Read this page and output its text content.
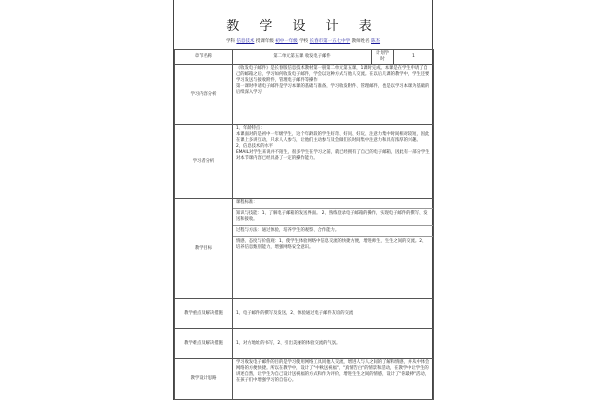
教 学 设 计 表
学科 信息技术 授课年级 初中一年级 学校 长春市第一五七中学 教师姓名 陈杰
章节名称	第二单元第五课 收发电子邮件	计划学时	1
学习内容分析	《收发电子邮件》是长春版信息技术教材第一册第二单元第五课，1课时完成。本课是在学生申请了自己的邮箱之后，学习如何收发电子邮件，学会以这种方式与他人交流。在以后几课的教学中，学生还要学习发送与接收附件，管理电子邮件等操作

第一课时申请电子邮件是学习本课的基础与准备，学习收发附件、管理邮件，也是以学习本课为基础的后续深入学习		

学习者分析	1、年龄特点：

本课面对的是初中一年级学生，这个年龄段的学生好奇、好问、好玩、注意力集中时间相对较短，因此在课上多讲互动，只求人人参与，让他们主动参与及会做们长时间集中注意力和具有浓厚的兴趣。

2、信息技术的水平

EMAIL对学生来说并不陌生，很多学生在学习之前，就已经拥有了自己的电子邮箱，因此有一部分学生对本节课内容已经具备了一定的操作能力。		

教学目标	课程标准：

知识与技能：1、了解电子邮箱的发送界面。 2、熟练登录电子邮箱的操作，实现电子邮件的撰写、发送和接收。

过程与方法：通过体验，培养学生的观察、合作能力。

情感、态度与价值观：1、使学生体验网络中信息交流的快捷方便，增进师生、生生之间的交流。2、培养信息甄别能力，增强网络安全意识。		

教学重点及解决措施	1、电子邮件的撰写及发送，2、体验通过电子邮件友谊的交流		
教学难点及解决措施	1、对方地址的书写，2、引出美丽的体验交流的气氛。		
教学设计思路	学习收发电子邮件的目的是学习使用网络工具同他人交流，增进人与人之间的了解和情感，并从中体会网络的方便快捷。所以在教学中，设计了"中秋送祝福"、"真情告白"的情景和活动，在教学中让学生的讲述自然，让学生为自己设计送祝福的方式和作为评价，增进生生之间的情感，设计了"你最棒"活动，在孩子们中增强学习的自信心。		
